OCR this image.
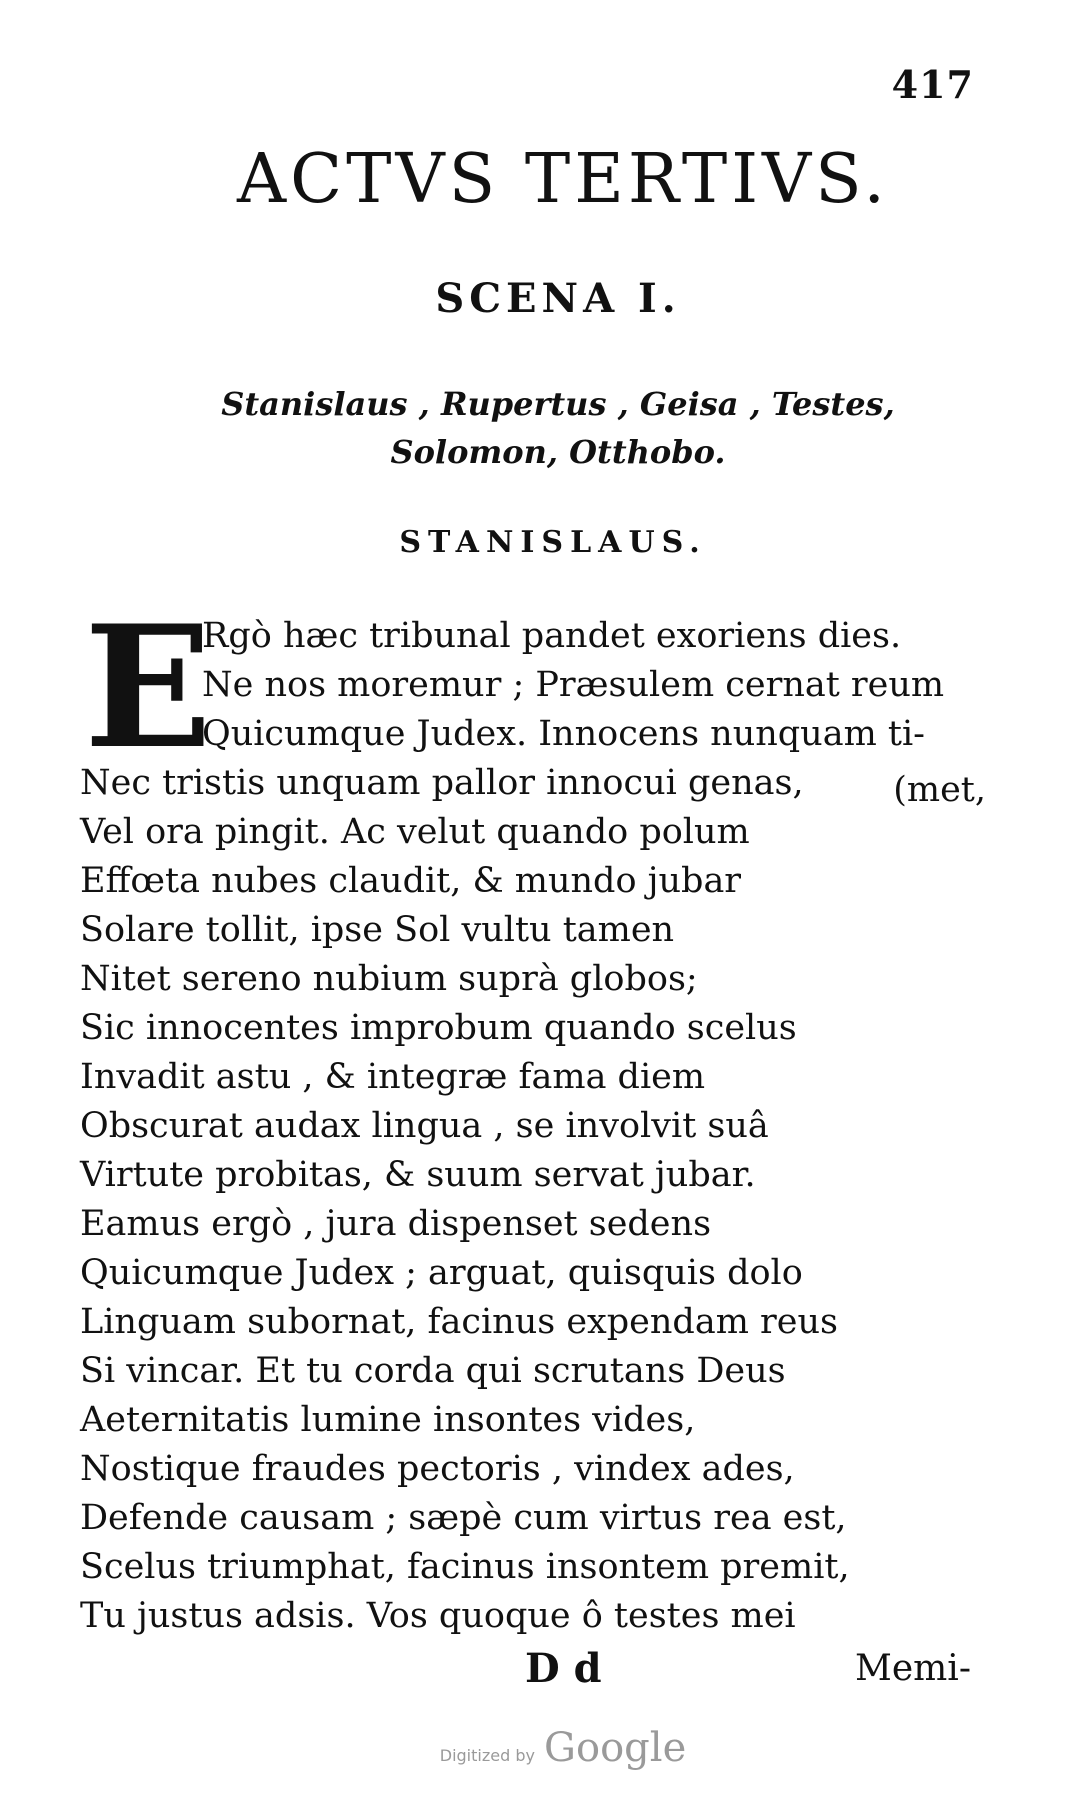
417
ACTVS TERTIVS.
SCENA I.
Stanislaus , Rupertus , Geisa , Testes,
Solomon, Otthobo.
STANISLAUS.
E
Rgò hæc tribunal pandet exoriens dies.
Ne nos moremur ; Præsulem cernat reum
Quicumque Judex. Innocens nunquam ti-
Nec tristis unquam pallor innocui genas,
Vel ora pingit. Ac velut quando polum
Effœta nubes claudit, & mundo jubar
Solare tollit, ipse Sol vultu tamen
Nitet sereno nubium suprà globos;
Sic innocentes improbum quando scelus
Invadit astu , & integræ fama diem
Obscurat audax lingua , se involvit suâ
Virtute probitas, & suum servat jubar.
Eamus ergò , jura dispenset sedens
Quicumque Judex ; arguat, quisquis dolo
Linguam subornat, facinus expendam reus
Si vincar. Et tu corda qui scrutans Deus
Aeternitatis lumine insontes vides,
Nostique fraudes pectoris , vindex ades,
Defende causam ; sæpè cum virtus rea est,
Scelus triumphat, facinus insontem premit,
Tu justus adsis. Vos quoque ô testes mei
(met,
D d	Memi-
Digitized by Google
